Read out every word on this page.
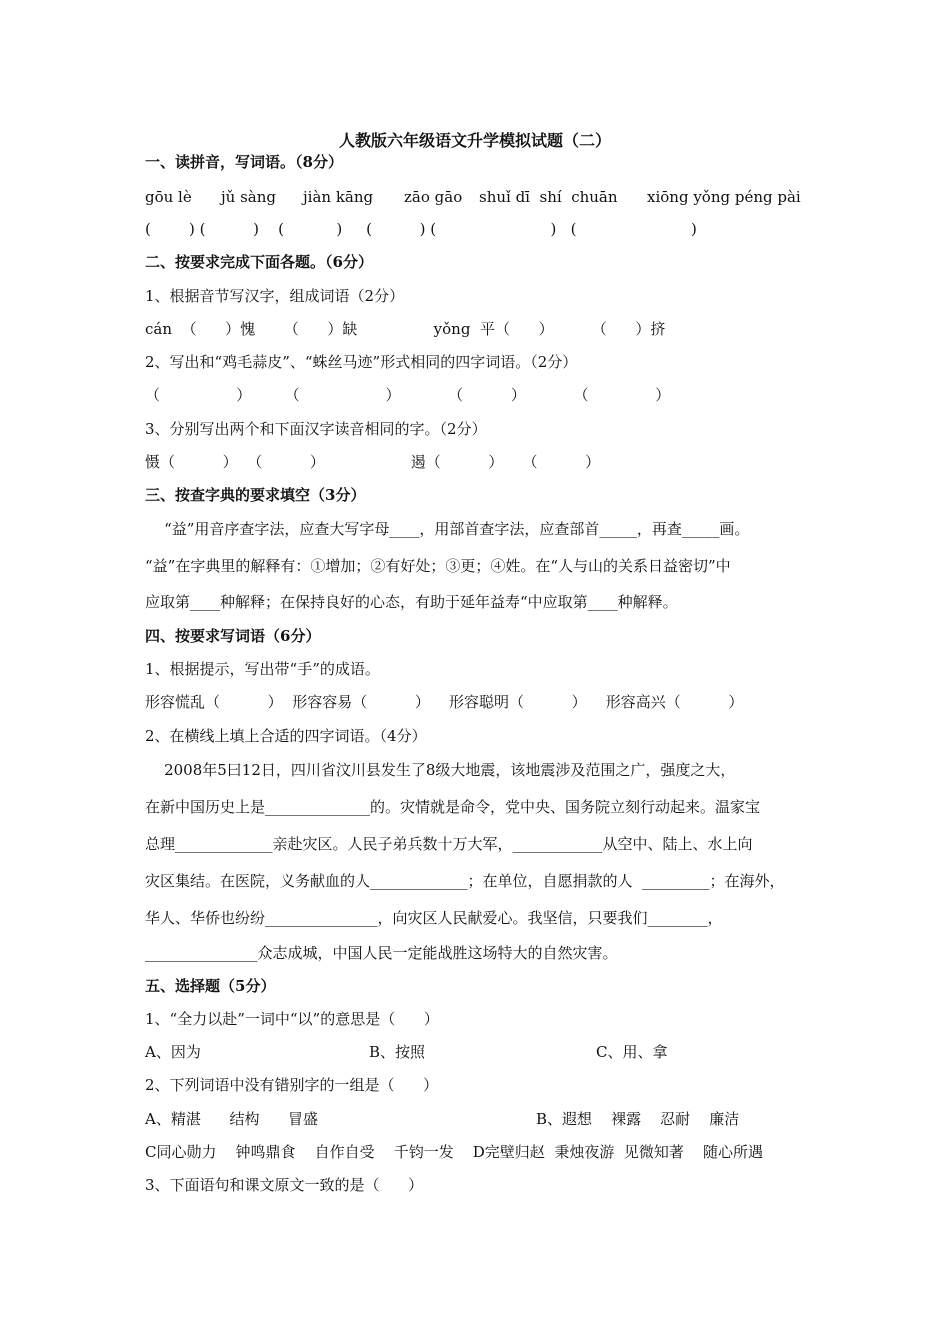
人教版六年级语文升学模拟试题（二）
一、读拼音，写词语。（8分）
gōu lè jǔ sàng jiàn kāng zāo gāo shuǐ dī  shí  chuān xiōng yǒng péng pài
(        ) (          )    (           )     (          ) (                        )   (                        )
二、按要求完成下面各题。（6分）
1、根据音节写汉字，组成词语（2分）
cán  （      ）愧      （      ）缺                yǒng  平（      ）        （      ）挤
2、写出和“鸡毛蒜皮”、“蛛丝马迹”形式相同的四字词语。（2分）
（                ）       （                  ）          （          ）          （              ）
3、分别写出两个和下面汉字读音相同的字。（2分）
慑（          ）  （          ）                  遏（          ）    （          ）
三、按查字典的要求填空（3分）
“益”用音序查字法，应查大写字母____，用部首查字法，应查部首_____，再查_____画。
“益”在字典里的解释有：①增加；②有好处；③更；④姓。在“人与山的关系日益密切”中
应取第____种解释；在保持良好的心态，有助于延年益寿“中应取第____种解释。
四、按要求写词语（6分）
1、根据提示，写出带“手”的成语。
形容慌乱（          ）  形容容易（          ）    形容聪明（          ）    形容高兴（          ）
2、在横线上填上合适的四字词语。（4分）
2008年5曰12日，四川省汶川县发生了8级大地震，该地震涉及范围之广，强度之大，
在新中国历史上是______________的。灾情就是命令，党中央、国务院立刻行动起来。温家宝
总理_____________亲赴灾区。人民子弟兵数十万大军，____________从空中、陆上、水上向
灾区集结。在医院，义务献血的人_____________；在单位，自愿捐款的人  _________；在海外，
华人、华侨也纷纷_______________，向灾区人民献爱心。我坚信，只要我们________，
_______________众志成城，中国人民一定能战胜这场特大的自然灾害。
五、选择题（5分）
1、“全力以赴”一词中“以”的意思是（      ）
A、因为	B、按照	C、用、拿
2、下列词语中没有错别字的一组是（      ）
A、精湛      结构      冒盛	B、遐想    裸露    忍耐    廉洁
C同心勋力    钟鸣鼎食    自作自受    千钧一发    D完壁归赵  秉烛夜游  见微知著    随心所遇
3、下面语句和课文原文一致的是（      ）
